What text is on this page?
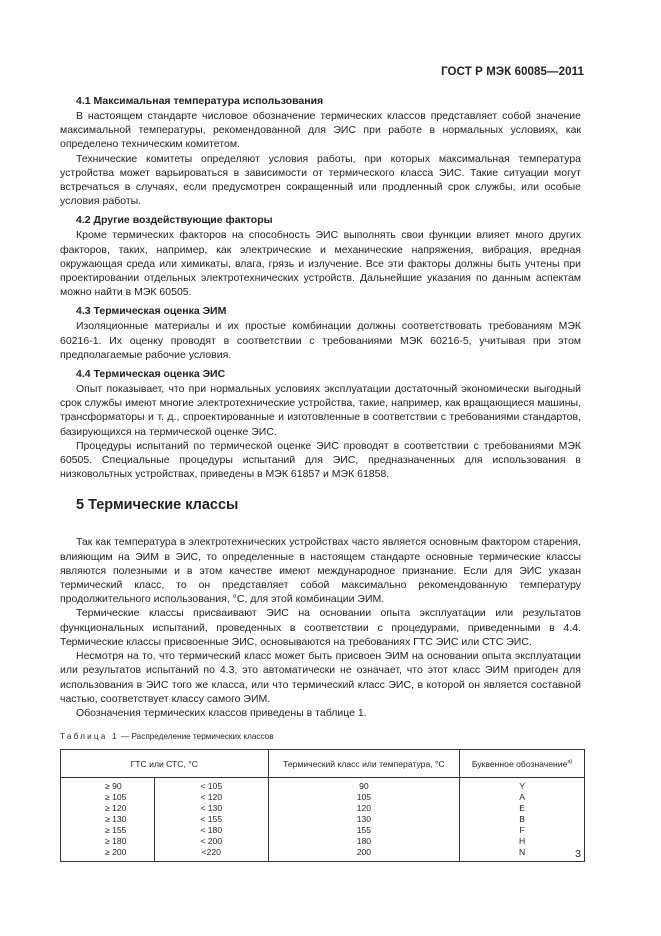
ГОСТ Р МЭК 60085—2011
4.1 Максимальная температура использования

В настоящем стандарте числовое обозначение термических классов представляет собой значение максимальной температуры, рекомендованной для ЭИС при работе в нормальных условиях, как определено техническим комитетом.

Технические комитеты определяют условия работы, при которых максимальная температура устройства может варьироваться в зависимости от термического класса ЭИС. Такие ситуации могут встречаться в случаях, если предусмотрен сокращенный или продленный срок службы, или особые условия работы.

4.2 Другие воздействующие факторы

Кроме термических факторов на способность ЭИС выполнять свои функции влияет много других факторов, таких, например, как электрические и механические напряжения, вибрация, вредная окружающая среда или химикаты, влага, грязь и излучение. Все эти факторы должны быть учтены при проектировании отдельных электротехнических устройств. Дальнейшие указания по данным аспектам можно найти в МЭК 60505.

4.3 Термическая оценка ЭИМ

Изоляционные материалы и их простые комбинации должны соответствовать требованиям МЭК 60216-1. Их оценку проводят в соответствии с требованиями МЭК 60216-5, учитывая при этом предполагаемые рабочие условия.

4.4 Термическая оценка ЭИС

Опыт показывает, что при нормальных условиях эксплуатации достаточный экономически выгодный срок службы имеют многие электротехнические устройства, такие, например, как вращающиеся машины, трансформаторы и т. д., спроектированные и изготовленные в соответствии с требованиями стандартов, базирующихся на термической оценке ЭИС.

Процедуры испытаний по термической оценке ЭИС проводят в соответствии с требованиями МЭК 60505. Специальные процедуры испытаний для ЭИС, предназначенных для использования в низковольтных устройствах, приведены в МЭК 61857 и МЭК 61858.

5 Термические классы

Так как температура в электротехнических устройствах часто является основным фактором старения, влияющим на ЭИМ в ЭИС, то определенные в настоящем стандарте основные термические классы являются полезными и в этом качестве имеют международное признание. Если для ЭИС указан термический класс, то он представляет собой максимально рекомендованную температуру продолжительного использования, °С, для этой комбинации ЭИМ.

Термические классы присваивают ЭИС на основании опыта эксплуатации или результатов функциональных испытаний, проведенных в соответствии с процедурами, приведенными в 4.4. Термические классы присвоенные ЭИС, основываются на требованиях ГТС ЭИС или СТС ЭИС.

Несмотря на то, что термический класс может быть присвоен ЭИМ на основании опыта эксплуатации или результатов испытаний по 4.3, это автоматически не означает, что этот класс ЭИМ пригоден для использования в ЭИС того же класса, или что термический класс ЭИС, в которой он является составной частью, соответствует классу самого ЭИМ.

Обозначения термических классов приведены в таблице 1.

Таблица 1 — Распределение термических классов
ГТС или СТС, °С		Термический класс или температура, °С	Буквенное обозначение$^{a)}$
≥ 90	< 105	90	Y
≥ 105	< 120	105	A
≥ 120	< 130	120	E
≥ 130	< 155	130	B
≥ 155	< 180	155	F
≥ 180	< 200	180	H
≥ 200	<220	200	N	3
